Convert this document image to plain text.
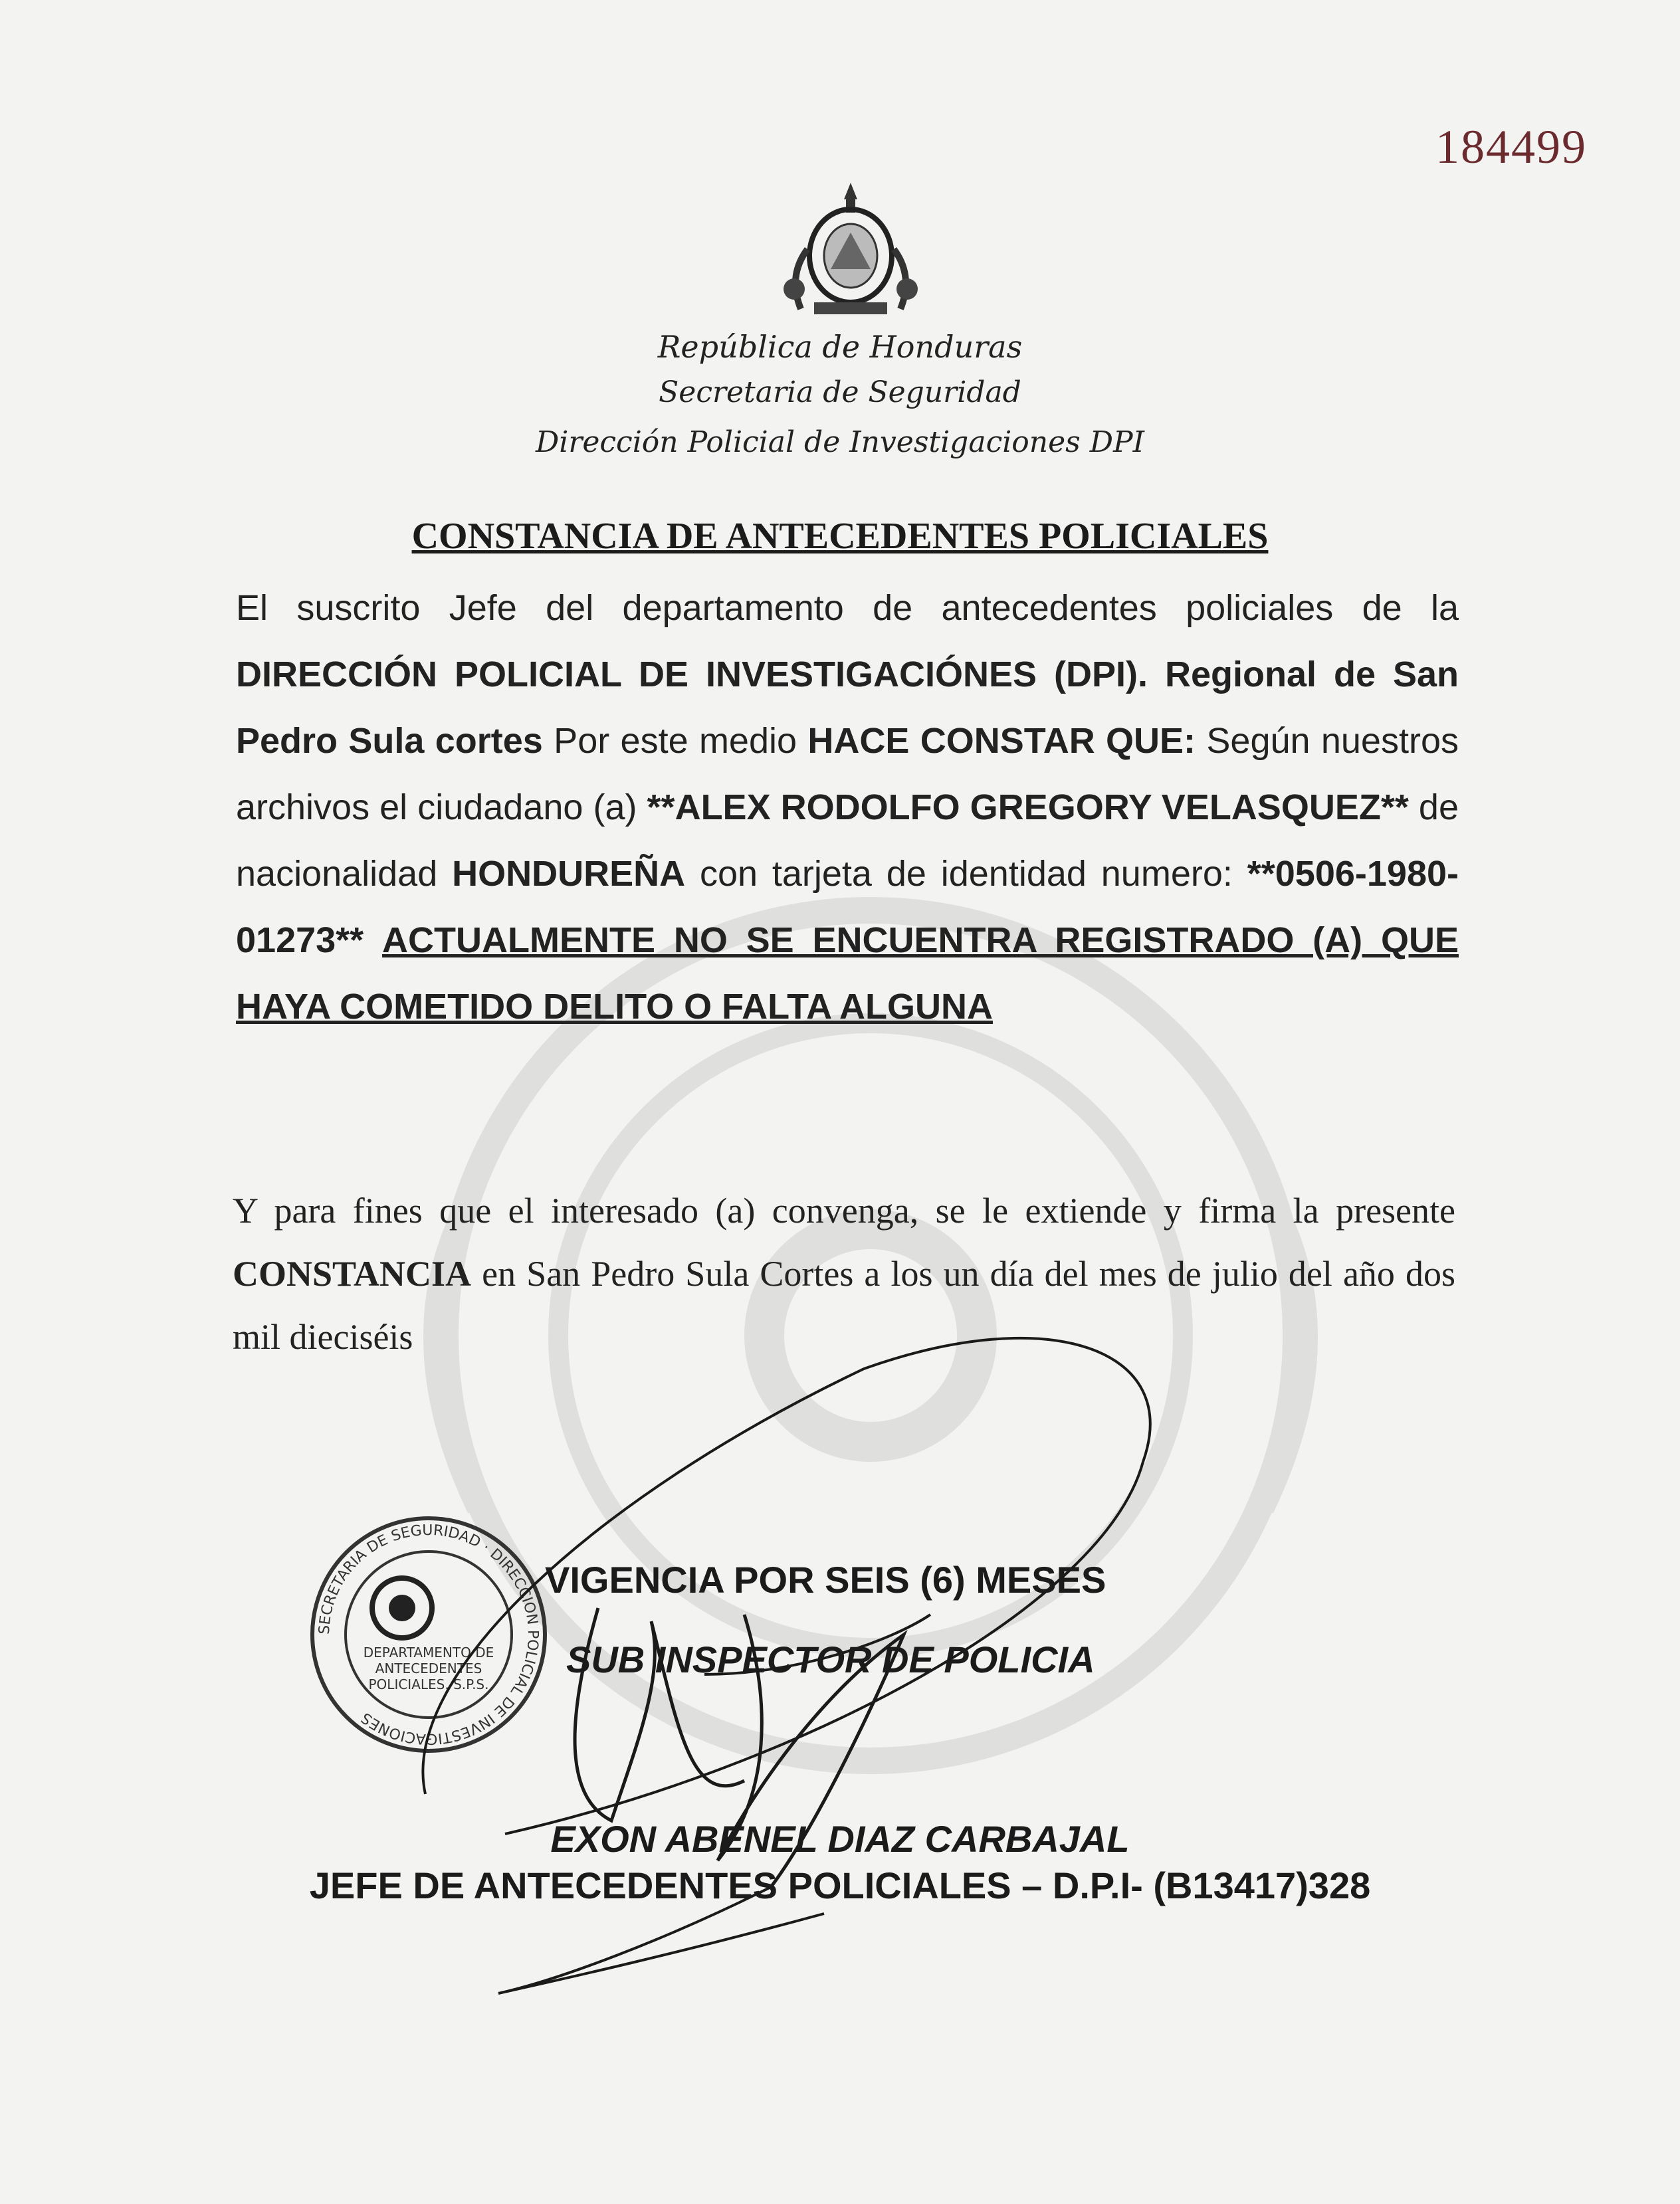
184499
República de Honduras
Secretaria de Seguridad
Dirección Policial de Investigaciones DPI
CONSTANCIA DE ANTECEDENTES POLICIALES
El suscrito Jefe del departamento de antecedentes policiales de la DIRECCIÓN POLICIAL DE INVESTIGACIÓNES (DPI). Regional de San Pedro Sula cortes Por este medio HACE CONSTAR QUE: Según nuestros archivos el ciudadano (a) **ALEX RODOLFO GREGORY VELASQUEZ** de nacionalidad HONDUREÑA con tarjeta de identidad numero: **0506-1980-01273** ACTUALMENTE NO SE ENCUENTRA REGISTRADO (A) QUE HAYA COMETIDO DELITO O FALTA ALGUNA
Y para fines que el interesado (a) convenga, se le extiende y firma la presente CONSTANCIA en San Pedro Sula Cortes a los un día del mes de julio del año dos mil dieciséis
SECRETARIA DE SEGURIDAD · DIRECCION POLICIAL DE INVESTIGACIONES
DEPARTAMENTO DE ANTECEDENTES POLICIALES. S.P.S.
VIGENCIA POR SEIS (6) MESES
SUB INSPECTOR DE POLICIA
EXON ABENEL DIAZ CARBAJAL
JEFE DE ANTECEDENTES POLICIALES – D.P.I- (B13417)328
